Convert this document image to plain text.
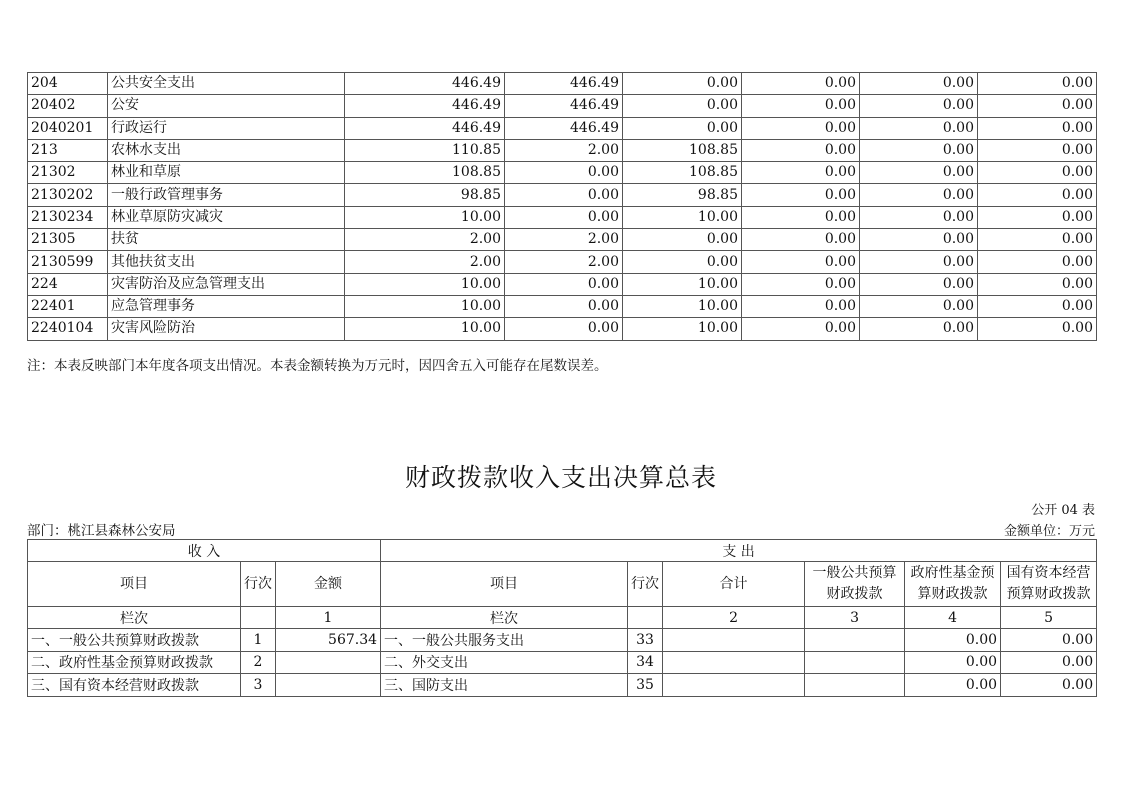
204	公共安全支出	446.49	446.49	0.00	0.00	0.00	0.00
20402	公安	446.49	446.49	0.00	0.00	0.00	0.00
2040201	行政运行	446.49	446.49	0.00	0.00	0.00	0.00
213	农林水支出	110.85	2.00	108.85	0.00	0.00	0.00
21302	林业和草原	108.85	0.00	108.85	0.00	0.00	0.00
2130202	一般行政管理事务	98.85	0.00	98.85	0.00	0.00	0.00
2130234	林业草原防灾减灾	10.00	0.00	10.00	0.00	0.00	0.00
21305	扶贫	2.00	2.00	0.00	0.00	0.00	0.00
2130599	其他扶贫支出	2.00	2.00	0.00	0.00	0.00	0.00
224	灾害防治及应急管理支出	10.00	0.00	10.00	0.00	0.00	0.00
22401	应急管理事务	10.00	0.00	10.00	0.00	0.00	0.00
2240104	灾害风险防治	10.00	0.00	10.00	0.00	0.00	0.00
注：本表反映部门本年度各项支出情况。本表金额转换为万元时，因四舍五入可能存在尾数误差。
财政拨款收入支出决算总表
公开 04 表
部门：桃江县森林公安局	金额单位：万元
收 入			支 出					
项目	行次	金额	项目	行次	合计	一般公共预算财政拨款	政府性基金预算财政拨款	国有资本经营预算财政拨款
栏次		1	栏次		2	3	4	5
一、一般公共预算财政拨款	1	567.34	一、一般公共服务支出	33			0.00	0.00
二、政府性基金预算财政拨款	2		二、外交支出	34			0.00	0.00
三、国有资本经营财政拨款	3		三、国防支出	35			0.00	0.00
